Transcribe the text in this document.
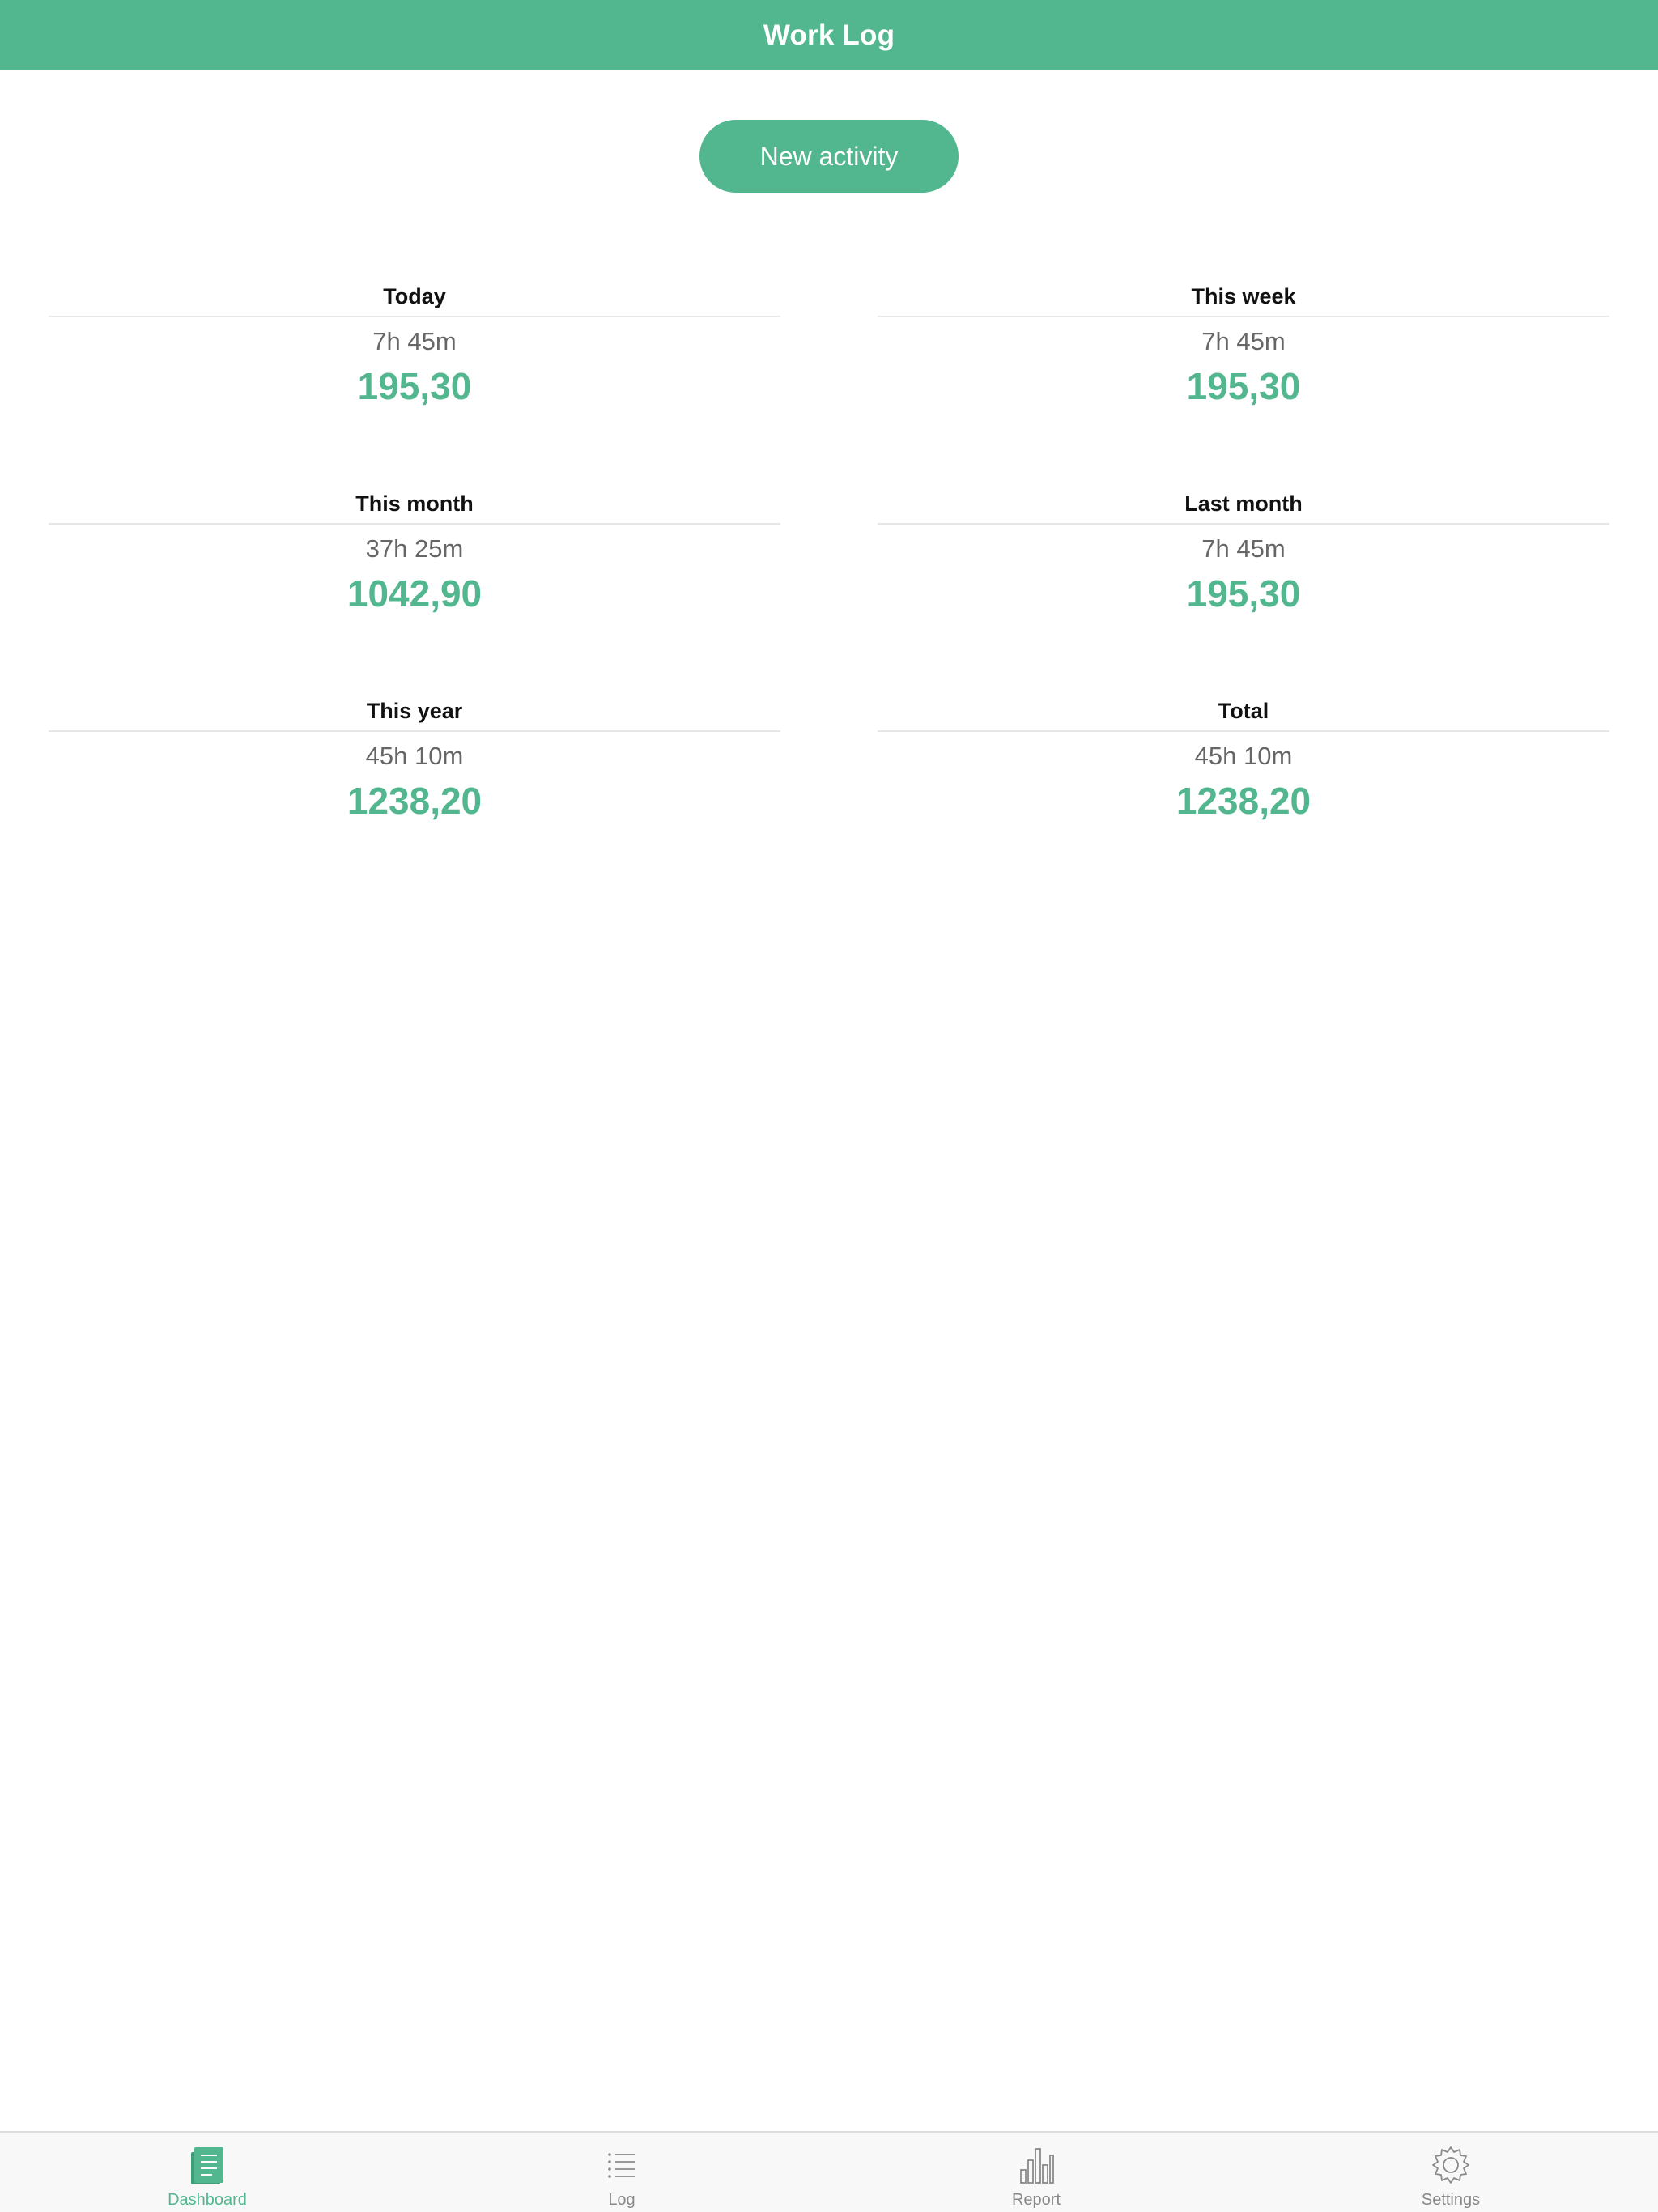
Work Log
New activity
Today
7h 45m
195,30
This week
7h 45m
195,30
This month
37h 25m
1042,90
Last month
7h 45m
195,30
This year
45h 10m
1238,20
Total
45h 10m
1238,20
Dashboard	Log	Report	Settings
